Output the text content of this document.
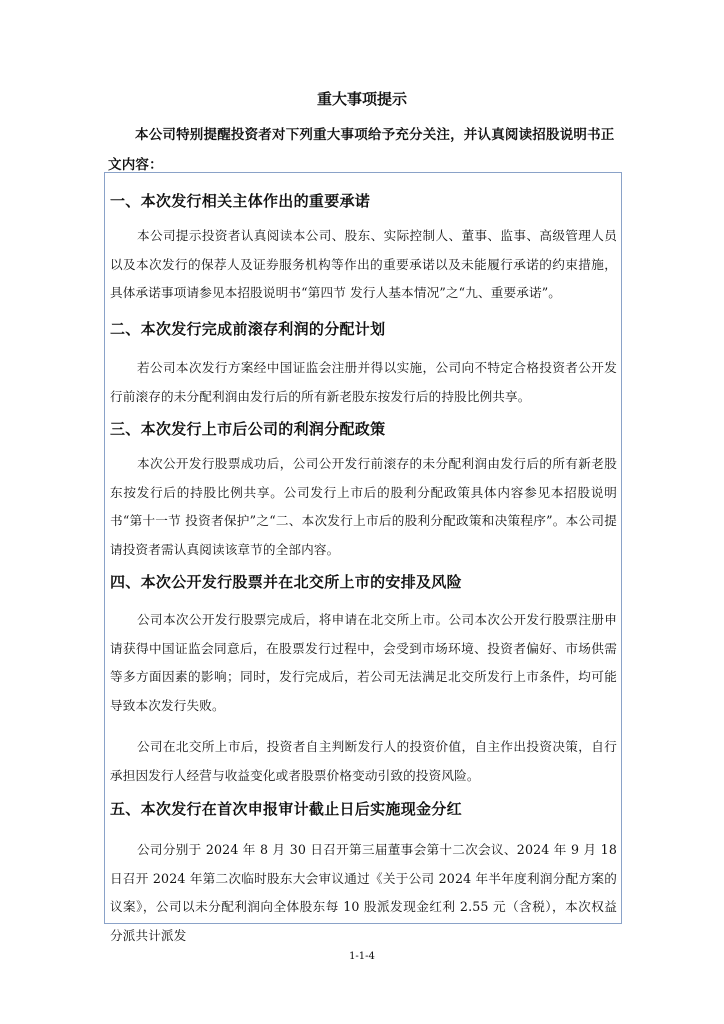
重大事项提示
本公司特别提醒投资者对下列重大事项给予充分关注，并认真阅读招股说明书正文内容：
一、本次发行相关主体作出的重要承诺
本公司提示投资者认真阅读本公司、股东、实际控制人、董事、监事、高级管理人员以及本次发行的保荐人及证券服务机构等作出的重要承诺以及未能履行承诺的约束措施，具体承诺事项请参见本招股说明书“第四节 发行人基本情况”之“九、重要承诺”。
二、本次发行完成前滚存利润的分配计划
若公司本次发行方案经中国证监会注册并得以实施，公司向不特定合格投资者公开发行前滚存的未分配利润由发行后的所有新老股东按发行后的持股比例共享。
三、本次发行上市后公司的利润分配政策
本次公开发行股票成功后，公司公开发行前滚存的未分配利润由发行后的所有新老股东按发行后的持股比例共享。公司发行上市后的股利分配政策具体内容参见本招股说明书“第十一节 投资者保护”之“二、本次发行上市后的股利分配政策和决策程序”。本公司提请投资者需认真阅读该章节的全部内容。
四、本次公开发行股票并在北交所上市的安排及风险
公司本次公开发行股票完成后，将申请在北交所上市。公司本次公开发行股票注册申请获得中国证监会同意后，在股票发行过程中，会受到市场环境、投资者偏好、市场供需等多方面因素的影响；同时，发行完成后，若公司无法满足北交所发行上市条件，均可能导致本次发行失败。
公司在北交所上市后，投资者自主判断发行人的投资价值，自主作出投资决策，自行承担因发行人经营与收益变化或者股票价格变动引致的投资风险。
五、本次发行在首次申报审计截止日后实施现金分红
公司分别于 2024 年 8 月 30 日召开第三届董事会第十二次会议、2024 年 9 月 18 日召开 2024 年第二次临时股东大会审议通过《关于公司 2024 年半年度利润分配方案的议案》，公司以未分配利润向全体股东每 10 股派发现金红利 2.55 元（含税），本次权益分派共计派发
1-1-4
